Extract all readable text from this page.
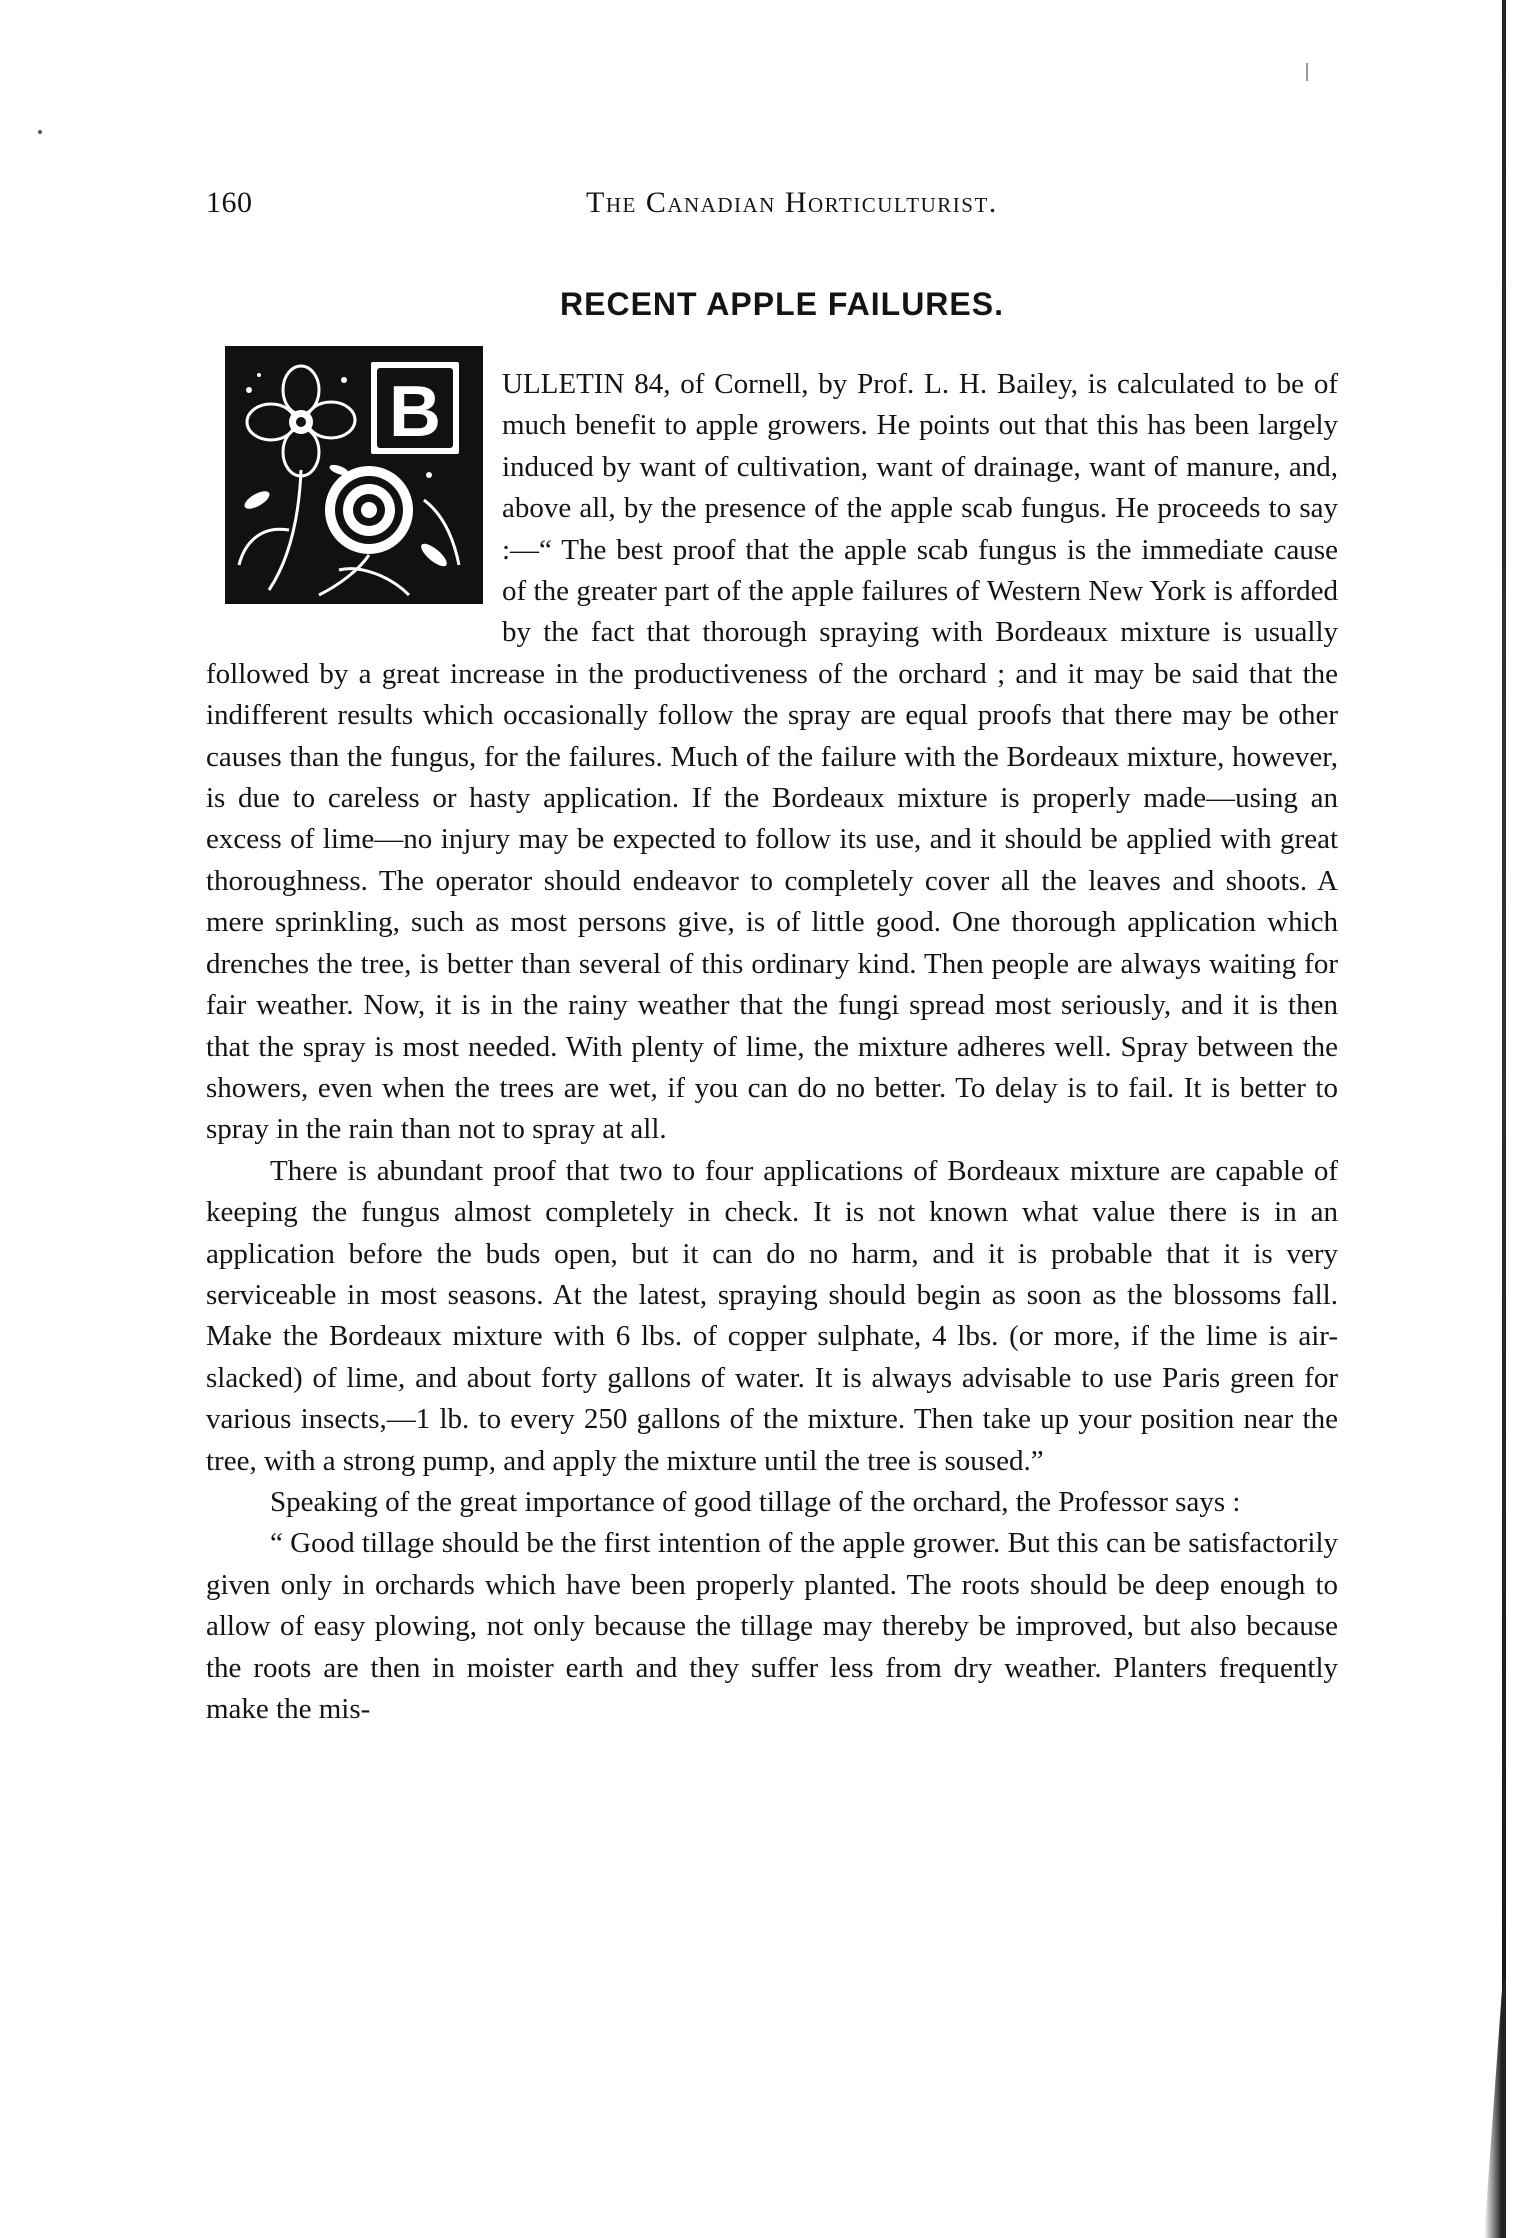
160	The Canadian Horticulturist.
RECENT APPLE FAILURES.
B	ULLETIN 84, of Cornell, by Prof. L. H. Bailey, is calculated to be of much benefit to apple growers. He points out that this has been largely induced by want of cultivation, want of drainage, want of manure, and, above all, by the presence of the apple scab fungus. He proceeds to say :—“ The best proof that the apple scab fungus is the immediate cause of the greater part of the apple failures of Western New York is afforded by the fact that thorough spraying with Bordeaux mixture is usually followed by a great increase in the productiveness of the orchard ; and it may be said that the indifferent results which occasionally follow the spray are equal proofs that there may be other causes than the fungus, for the failures. Much of the failure with the Bordeaux mixture, however, is due to careless or hasty application. If the Bordeaux mixture is properly made—using an excess of lime—no injury may be expected to follow its use, and it should be applied with great thoroughness. The operator should endeavor to completely cover all the leaves and shoots. A mere sprinkling, such as most persons give, is of little good. One thorough application which drenches the tree, is better than several of this ordinary kind. Then people are always waiting for fair weather. Now, it is in the rainy weather that the fungi spread most seriously, and it is then that the spray is most needed. With plenty of lime, the mixture adheres well. Spray between the showers, even when the trees are wet, if you can do no better. To delay is to fail. It is better to spray in the rain than not to spray at all.

There is abundant proof that two to four applications of Bordeaux mixture are capable of keeping the fungus almost completely in check. It is not known what value there is in an application before the buds open, but it can do no harm, and it is probable that it is very serviceable in most seasons. At the latest, spraying should begin as soon as the blossoms fall. Make the Bordeaux mixture with 6 lbs. of copper sulphate, 4 lbs. (or more, if the lime is air-slacked) of lime, and about forty gallons of water. It is always advisable to use Paris green for various insects,—1 lb. to every 250 gallons of the mixture. Then take up your position near the tree, with a strong pump, and apply the mixture until the tree is soused.”

Speaking of the great importance of good tillage of the orchard, the Professor says :

“ Good tillage should be the first intention of the apple grower. But this can be satisfactorily given only in orchards which have been properly planted. The roots should be deep enough to allow of easy plowing, not only because the tillage may thereby be improved, but also because the roots are then in moister earth and they suffer less from dry weather. Planters frequently make the mis-
